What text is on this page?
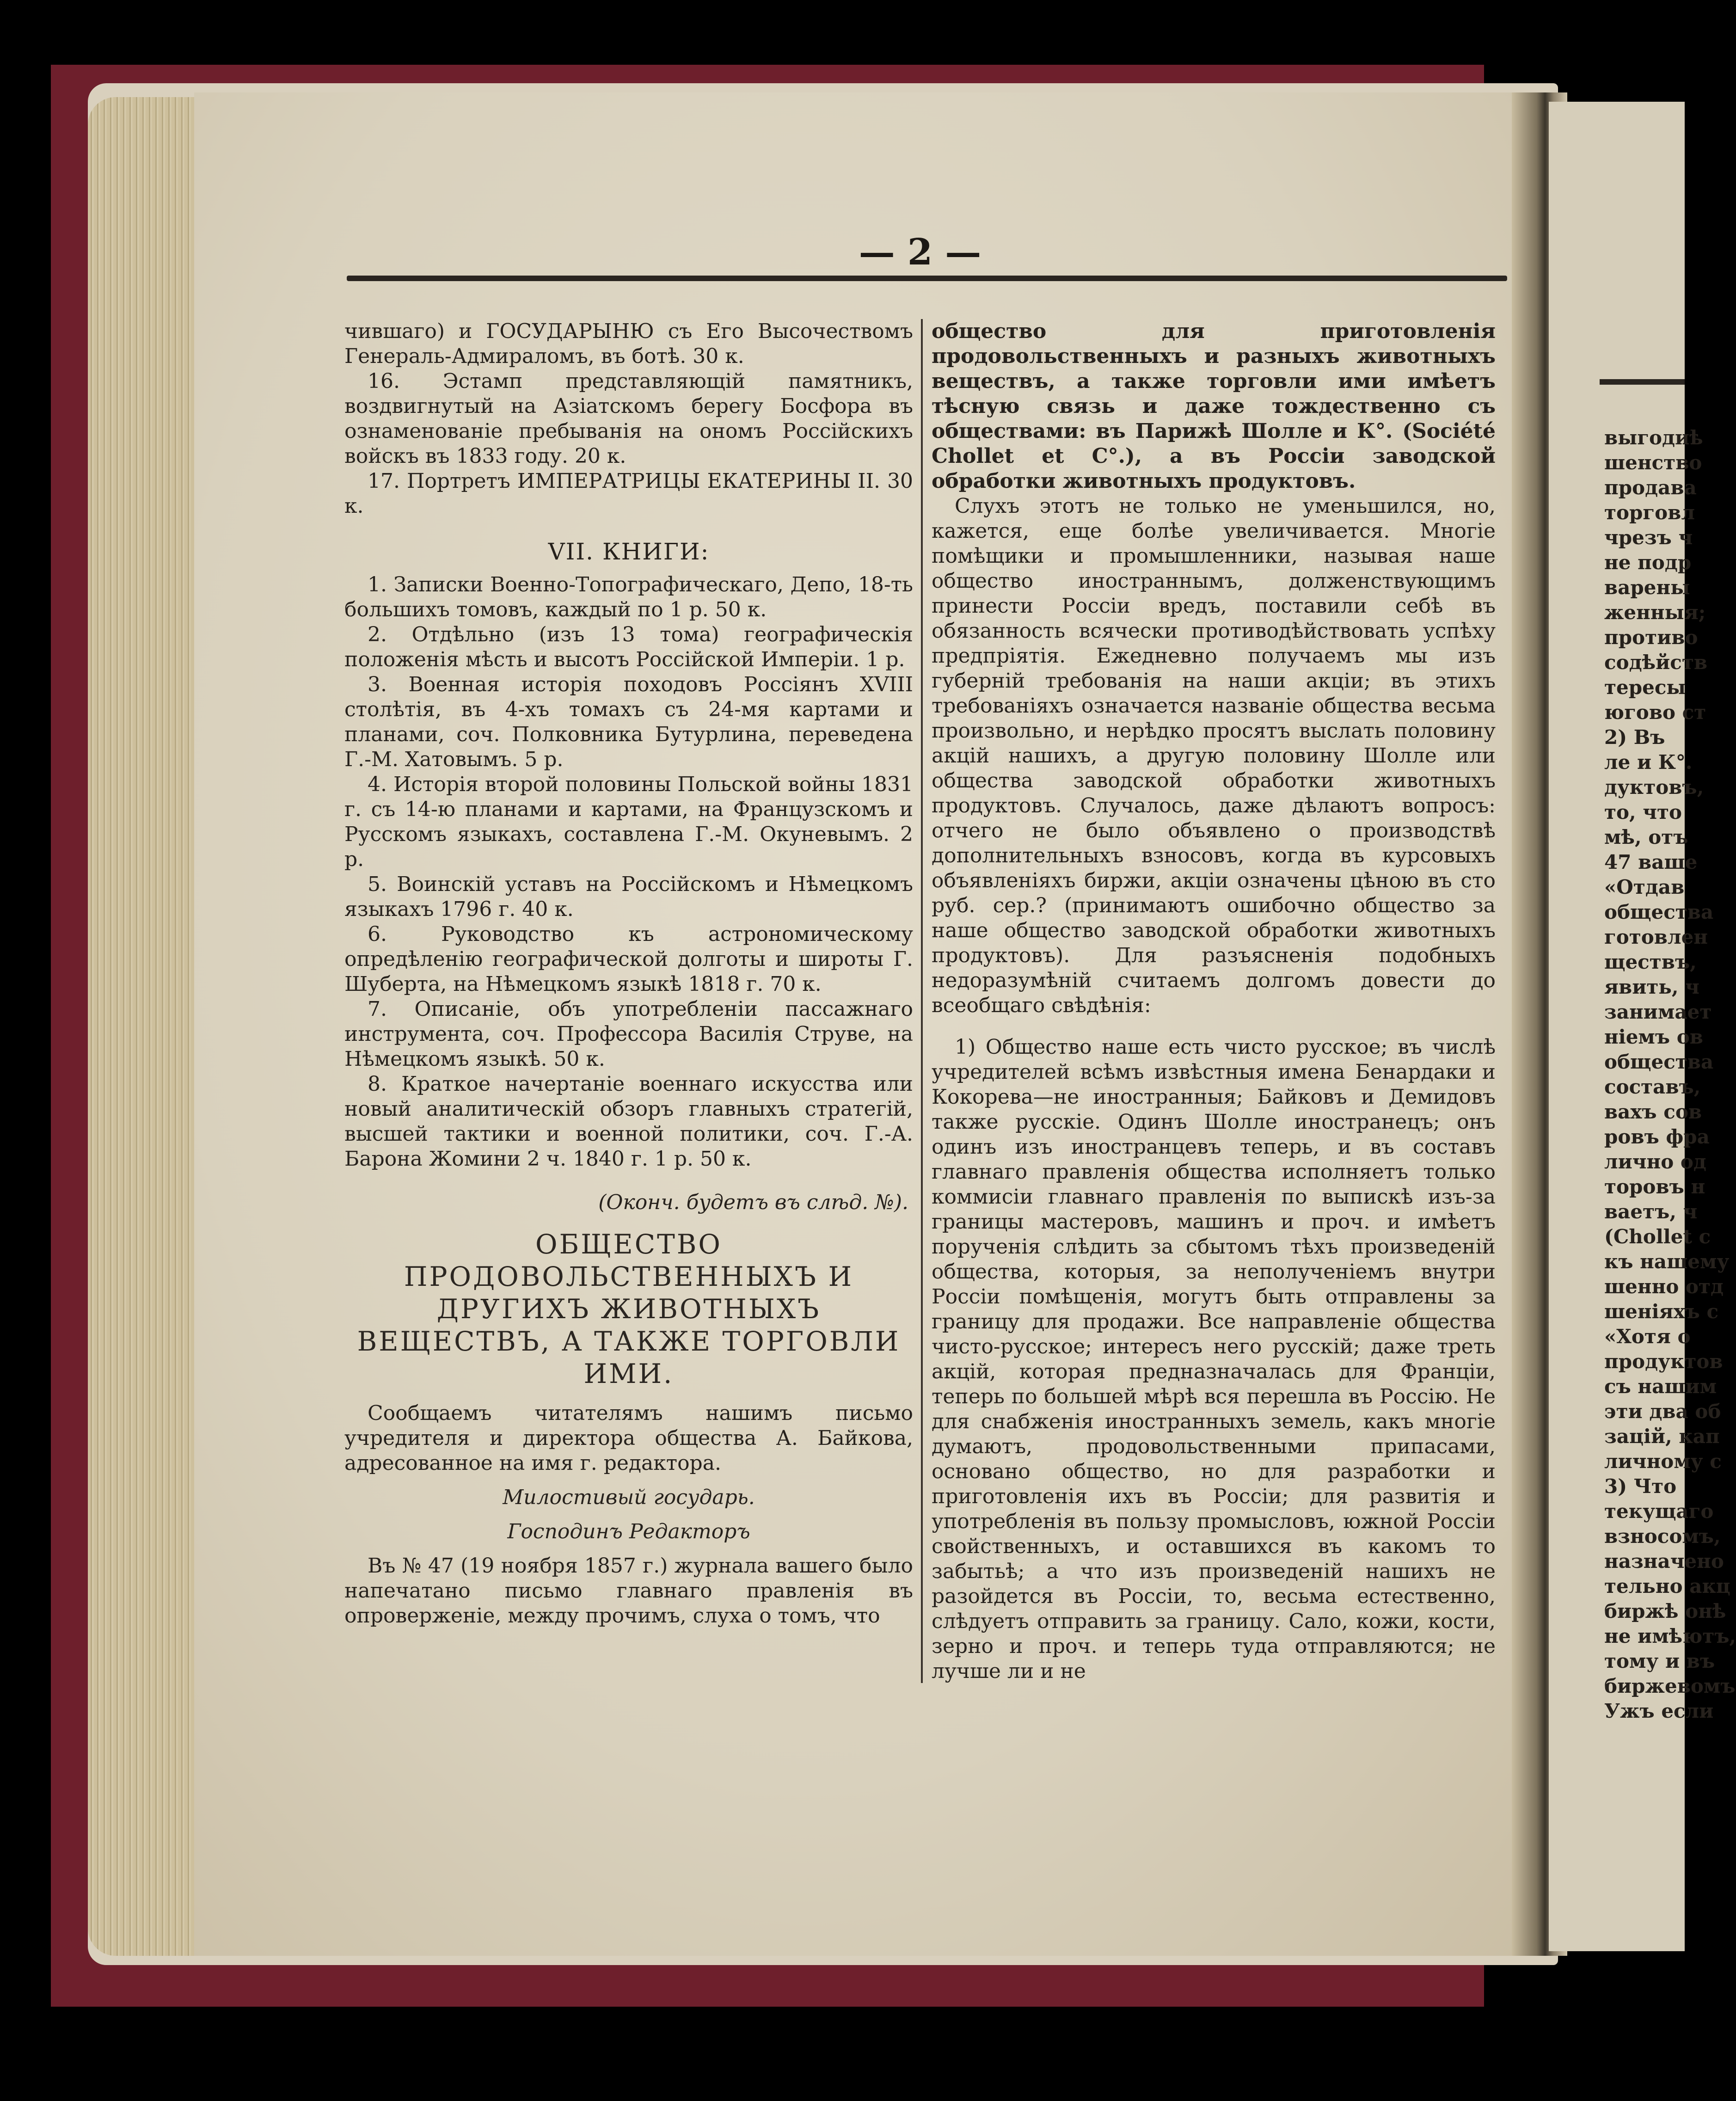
выгодиѣ
шенство
продава
торговл
чрезъ ч
не подр
варены
женныя;
противо
содѣйств
тересы
югово ст
2) Въ
ле и К°.
дуктовъ,
то, что
мѣ, отъ
47 ваше
«Отдав
общества
готовлен
ществъ,
явить, ч
занимает
ніемъ ов
общества
составъ,
вахъ сов
ровъ фра
лично од
торовъ н
ваетъ, ч
(Chollet c
къ нашему
шенно отд
шеніяхъ с
«Хотя о
продуктов
съ нашим
эти два об
зацій, кап
личному с
3) Что
текущаго
взносомъ,
назначено
тельно акц
биржѣ онѣ
не имѣютъ,
тому и въ
биржевомъ
Ужъ если
— 2 —

чившаго) и ГОСУДАРЫНЮ съ Его Высочествомъ Генераль-Адмираломъ, въ ботѣ. 30 к.

16. Эстамп представляющій памятникъ, воздвигнутый на Азіатскомъ берегу Босфора въ ознаменованіе пребыванія на ономъ Россійскихъ войскъ въ 1833 году. 20 к.

17. Портретъ ИМПЕРАТРИЦЫ ЕКАТЕРИНЫ II. 30 к.

VII. КНИГИ:

1. Записки Военно-Топографическаго, Депо, 18-ть большихъ томовъ, каждый по 1 р. 50 к.

2. Отдѣльно (изъ 13 тома) географическія положенія мѣсть и высотъ Россійской Имперіи. 1 р.

3. Военная исторія походовъ Россіянъ XVIII столѣтія, въ 4-хъ томахъ съ 24-мя картами и планами, соч. Полковника Бутурлина, переведена Г.-М. Хатовымъ. 5 р.

4. Исторія второй половины Польской войны 1831 г. съ 14-ю планами и картами, на Французскомъ и Русскомъ языкахъ, составлена Г.-М. Окуневымъ. 2 р.

5. Воинскій уставъ на Россійскомъ и Нѣмецкомъ языкахъ 1796 г. 40 к.

6. Руководство къ астрономическому опредѣленію географической долготы и широты Г. Шуберта, на Нѣмецкомъ языкѣ 1818 г. 70 к.

7. Описаніе, объ употребленіи пассажнаго инструмента, соч. Профессора Василія Струве, на Нѣмецкомъ языкѣ. 50 к.

8. Краткое начертаніе военнаго искусства или новый аналитическій обзоръ главныхъ стратегій, высшей тактики и военной политики, соч. Г.-А. Барона Жомини 2 ч. 1840 г. 1 р. 50 к.

(Оконч. будетъ въ слѣд. №).

ОБЩЕСТВО ПРОДОВОЛЬСТВЕННЫХЪ И ДРУГИХЪ ЖИВОТНЫХЪ ВЕЩЕСТВЪ, А ТАКЖЕ ТОРГОВЛИ ИМИ.

Сообщаемъ читателямъ нашимъ письмо учредителя и директора общества А. Байкова, адресованное на имя г. редактора.

Милостивый государь.

Господинъ Редакторъ

Въ № 47 (19 ноября 1857 г.) журнала вашего было напечатано письмо главнаго правленія въ опроверженіе, между прочимъ, слуха о томъ, что

общество для приготовленія продовольственныхъ и разныхъ животныхъ веществъ, а также торговли ими имѣетъ тѣсную связь и даже тождественно съ обществами: въ Парижѣ Шолле и К°. (Société Chollet et C°.), а въ Россіи заводской обработки животныхъ продуктовъ.

Слухъ этотъ не только не уменьшился, но, кажется, еще болѣе увеличивается. Многіе помѣщики и промышленники, называя наше общество иностраннымъ, долженствующимъ принести Россіи вредъ, поставили себѣ въ обязанность всячески противодѣйствовать успѣху предпріятія. Ежедневно получаемъ мы изъ губерній требованія на наши акціи; въ этихъ требованіяхъ означается названіе общества весьма произвольно, и нерѣдко просятъ выслать половину акцій нашихъ, а другую половину Шолле или общества заводской обработки животныхъ продуктовъ. Случалось, даже дѣлаютъ вопросъ: отчего не было объявлено о производствѣ дополнительныхъ взносовъ, когда въ курсовыхъ объявленіяхъ биржи, акціи означены цѣною въ сто руб. сер.? (принимаютъ ошибочно общество за наше общество заводской обработки животныхъ продуктовъ). Для разъясненія подобныхъ недоразумѣній считаемъ долгомъ довести до всеобщаго свѣдѣнія:

1) Общество наше есть чисто русское; въ числѣ учредителей всѣмъ извѣстныя имена Бенардаки и Кокорева—не иностранныя; Байковъ и Демидовъ также русскіе. Одинъ Шолле иностранецъ; онъ одинъ изъ иностранцевъ теперь, и въ составъ главнаго правленія общества исполняетъ только коммисіи главнаго правленія по выпискѣ изъ-за границы мастеровъ, машинъ и проч. и имѣетъ порученія слѣдить за сбытомъ тѣхъ произведеній общества, которыя, за неполученіемъ внутри Россіи помѣщенія, могутъ быть отправлены за границу для продажи. Все направленіе общества чисто-русское; интересъ него русскій; даже треть акцій, которая предназначалась для Франціи, теперь по большей мѣрѣ вся перешла въ Россію. Не для снабженія иностранныхъ земель, какъ многіе думаютъ, продовольственными припасами, основано общество, но для разработки и приготовленія ихъ въ Россіи; для развитія и употребленія въ пользу промысловъ, южной Россіи свойственныхъ, и оставшихся въ какомъ то забытьѣ; а что изъ произведеній нашихъ не разойдется въ Россіи, то, весьма естественно, слѣдуетъ отправить за границу. Сало, кожи, кости, зерно и проч. и теперь туда отправляются; не лучше ли и не
